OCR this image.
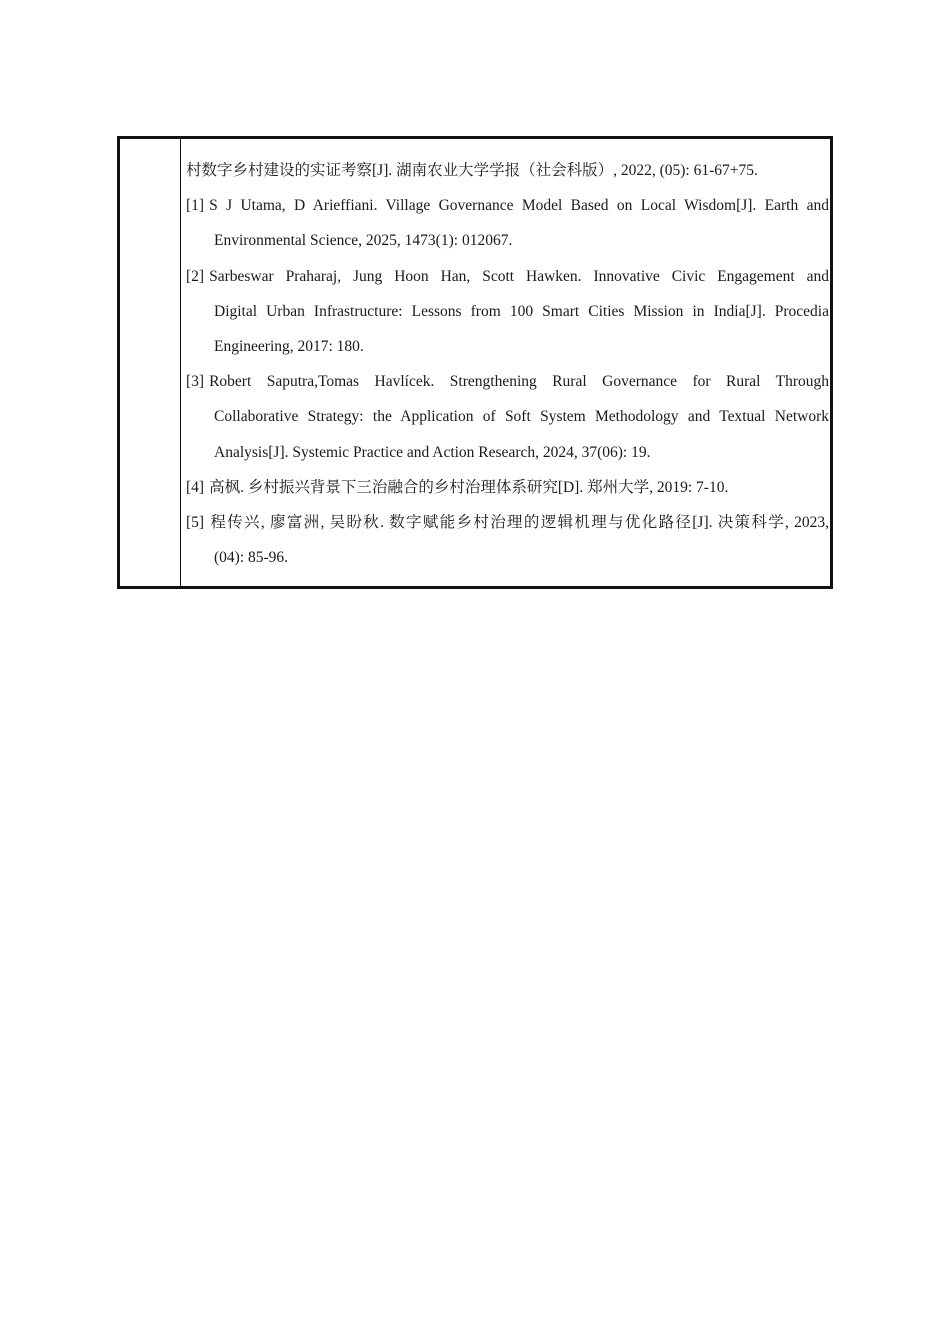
村数字乡村建设的实证考察[J]. 湖南农业大学学报（社会科版）, 2022, (05): 61-67+75.
[1] S J Utama, D Arieffiani. Village Governance Model Based on Local Wisdom[J]. Earth and
Environmental Science, 2025, 1473(1): 012067.
[2] Sarbeswar Praharaj, Jung Hoon Han, Scott Hawken. Innovative Civic Engagement and
Digital Urban Infrastructure: Lessons from 100 Smart Cities Mission in India[J]. Procedia
Engineering, 2017: 180.
[3] Robert Saputra,Tomas Havlícek. Strengthening Rural Governance for Rural Through
Collaborative Strategy: the Application of Soft System Methodology and Textual Network
Analysis[J]. Systemic Practice and Action Research, 2024, 37(06): 19.
[4] 高枫. 乡村振兴背景下三治融合的乡村治理体系研究[D]. 郑州大学, 2019: 7-10.
[5] 程传兴, 廖富洲, 吴盼秋. 数字赋能乡村治理的逻辑机理与优化路径[J]. 决策科学, 2023,
(04): 85-96.
